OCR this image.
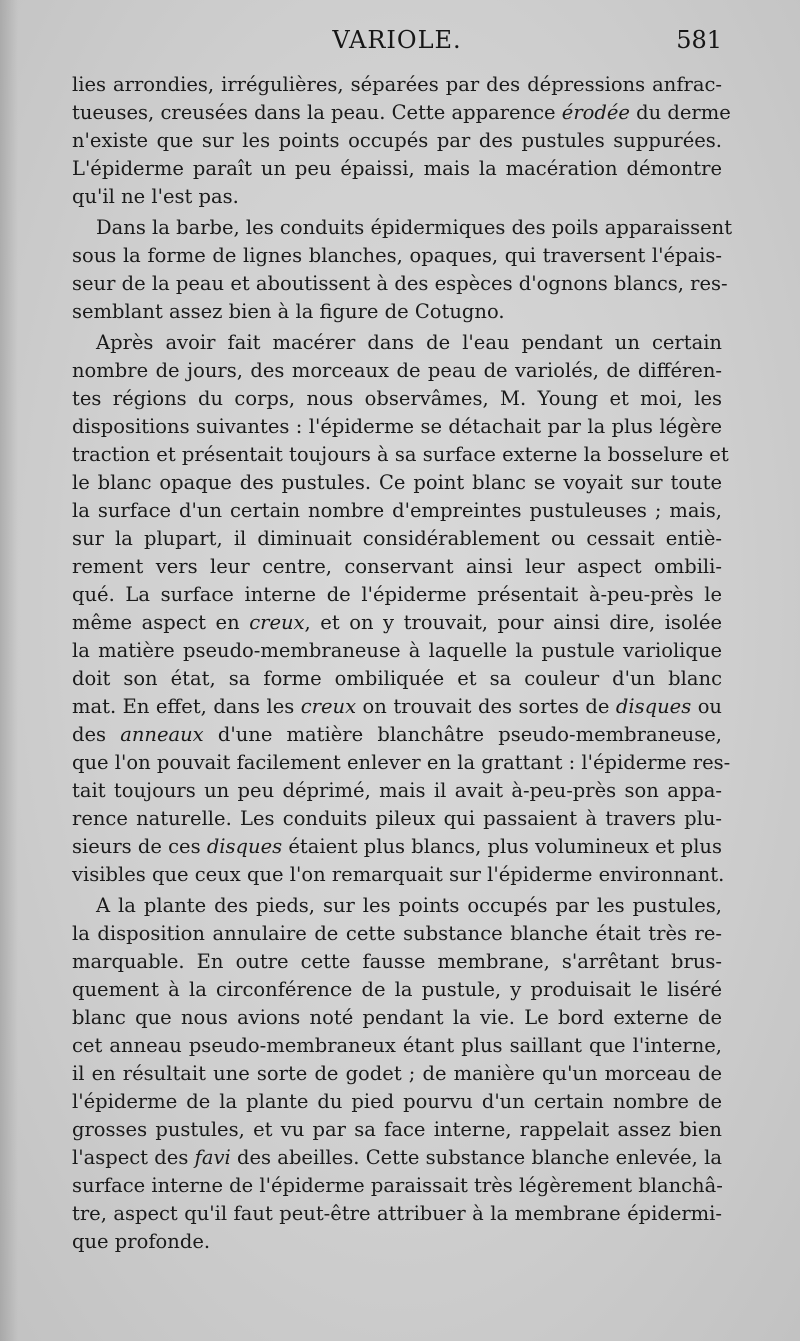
VARIOLE.	581
lies arrondies, irrégulières, séparées par des dépressions anfrac-
tueuses, creusées dans la peau. Cette apparence érodée du derme
n'existe que sur les points occupés par des pustules suppurées.
L'épiderme paraît un peu épaissi, mais la macération démontre
qu'il ne l'est pas.
Dans la barbe, les conduits épidermiques des poils apparaissent
sous la forme de lignes blanches, opaques, qui traversent l'épais-
seur de la peau et aboutissent à des espèces d'ognons blancs, res-
semblant assez bien à la figure de Cotugno.
Après avoir fait macérer dans de l'eau pendant un certain
nombre de jours, des morceaux de peau de variolés, de différen-
tes régions du corps, nous observâmes, M. Young et moi, les
dispositions suivantes : l'épiderme se détachait par la plus légère
traction et présentait toujours à sa surface externe la bosselure et
le blanc opaque des pustules. Ce point blanc se voyait sur toute
la surface d'un certain nombre d'empreintes pustuleuses ; mais,
sur la plupart, il diminuait considérablement ou cessait entiè-
rement vers leur centre, conservant ainsi leur aspect ombili-
qué. La surface interne de l'épiderme présentait à-peu-près le
même aspect en creux, et on y trouvait, pour ainsi dire, isolée
la matière pseudo-membraneuse à laquelle la pustule variolique
doit son état, sa forme ombiliquée et sa couleur d'un blanc
mat. En effet, dans les creux on trouvait des sortes de disques ou
des anneaux d'une matière blanchâtre pseudo-membraneuse,
que l'on pouvait facilement enlever en la grattant : l'épiderme res-
tait toujours un peu déprimé, mais il avait à-peu-près son appa-
rence naturelle. Les conduits pileux qui passaient à travers plu-
sieurs de ces disques étaient plus blancs, plus volumineux et plus
visibles que ceux que l'on remarquait sur l'épiderme environnant.
A la plante des pieds, sur les points occupés par les pustules,
la disposition annulaire de cette substance blanche était très re-
marquable. En outre cette fausse membrane, s'arrêtant brus-
quement à la circonférence de la pustule, y produisait le liséré
blanc que nous avions noté pendant la vie. Le bord externe de
cet anneau pseudo-membraneux étant plus saillant que l'interne,
il en résultait une sorte de godet ; de manière qu'un morceau de
l'épiderme de la plante du pied pourvu d'un certain nombre de
grosses pustules, et vu par sa face interne, rappelait assez bien
l'aspect des favi des abeilles. Cette substance blanche enlevée, la
surface interne de l'épiderme paraissait très légèrement blanchâ-
tre, aspect qu'il faut peut-être attribuer à la membrane épidermi-
que profonde.
